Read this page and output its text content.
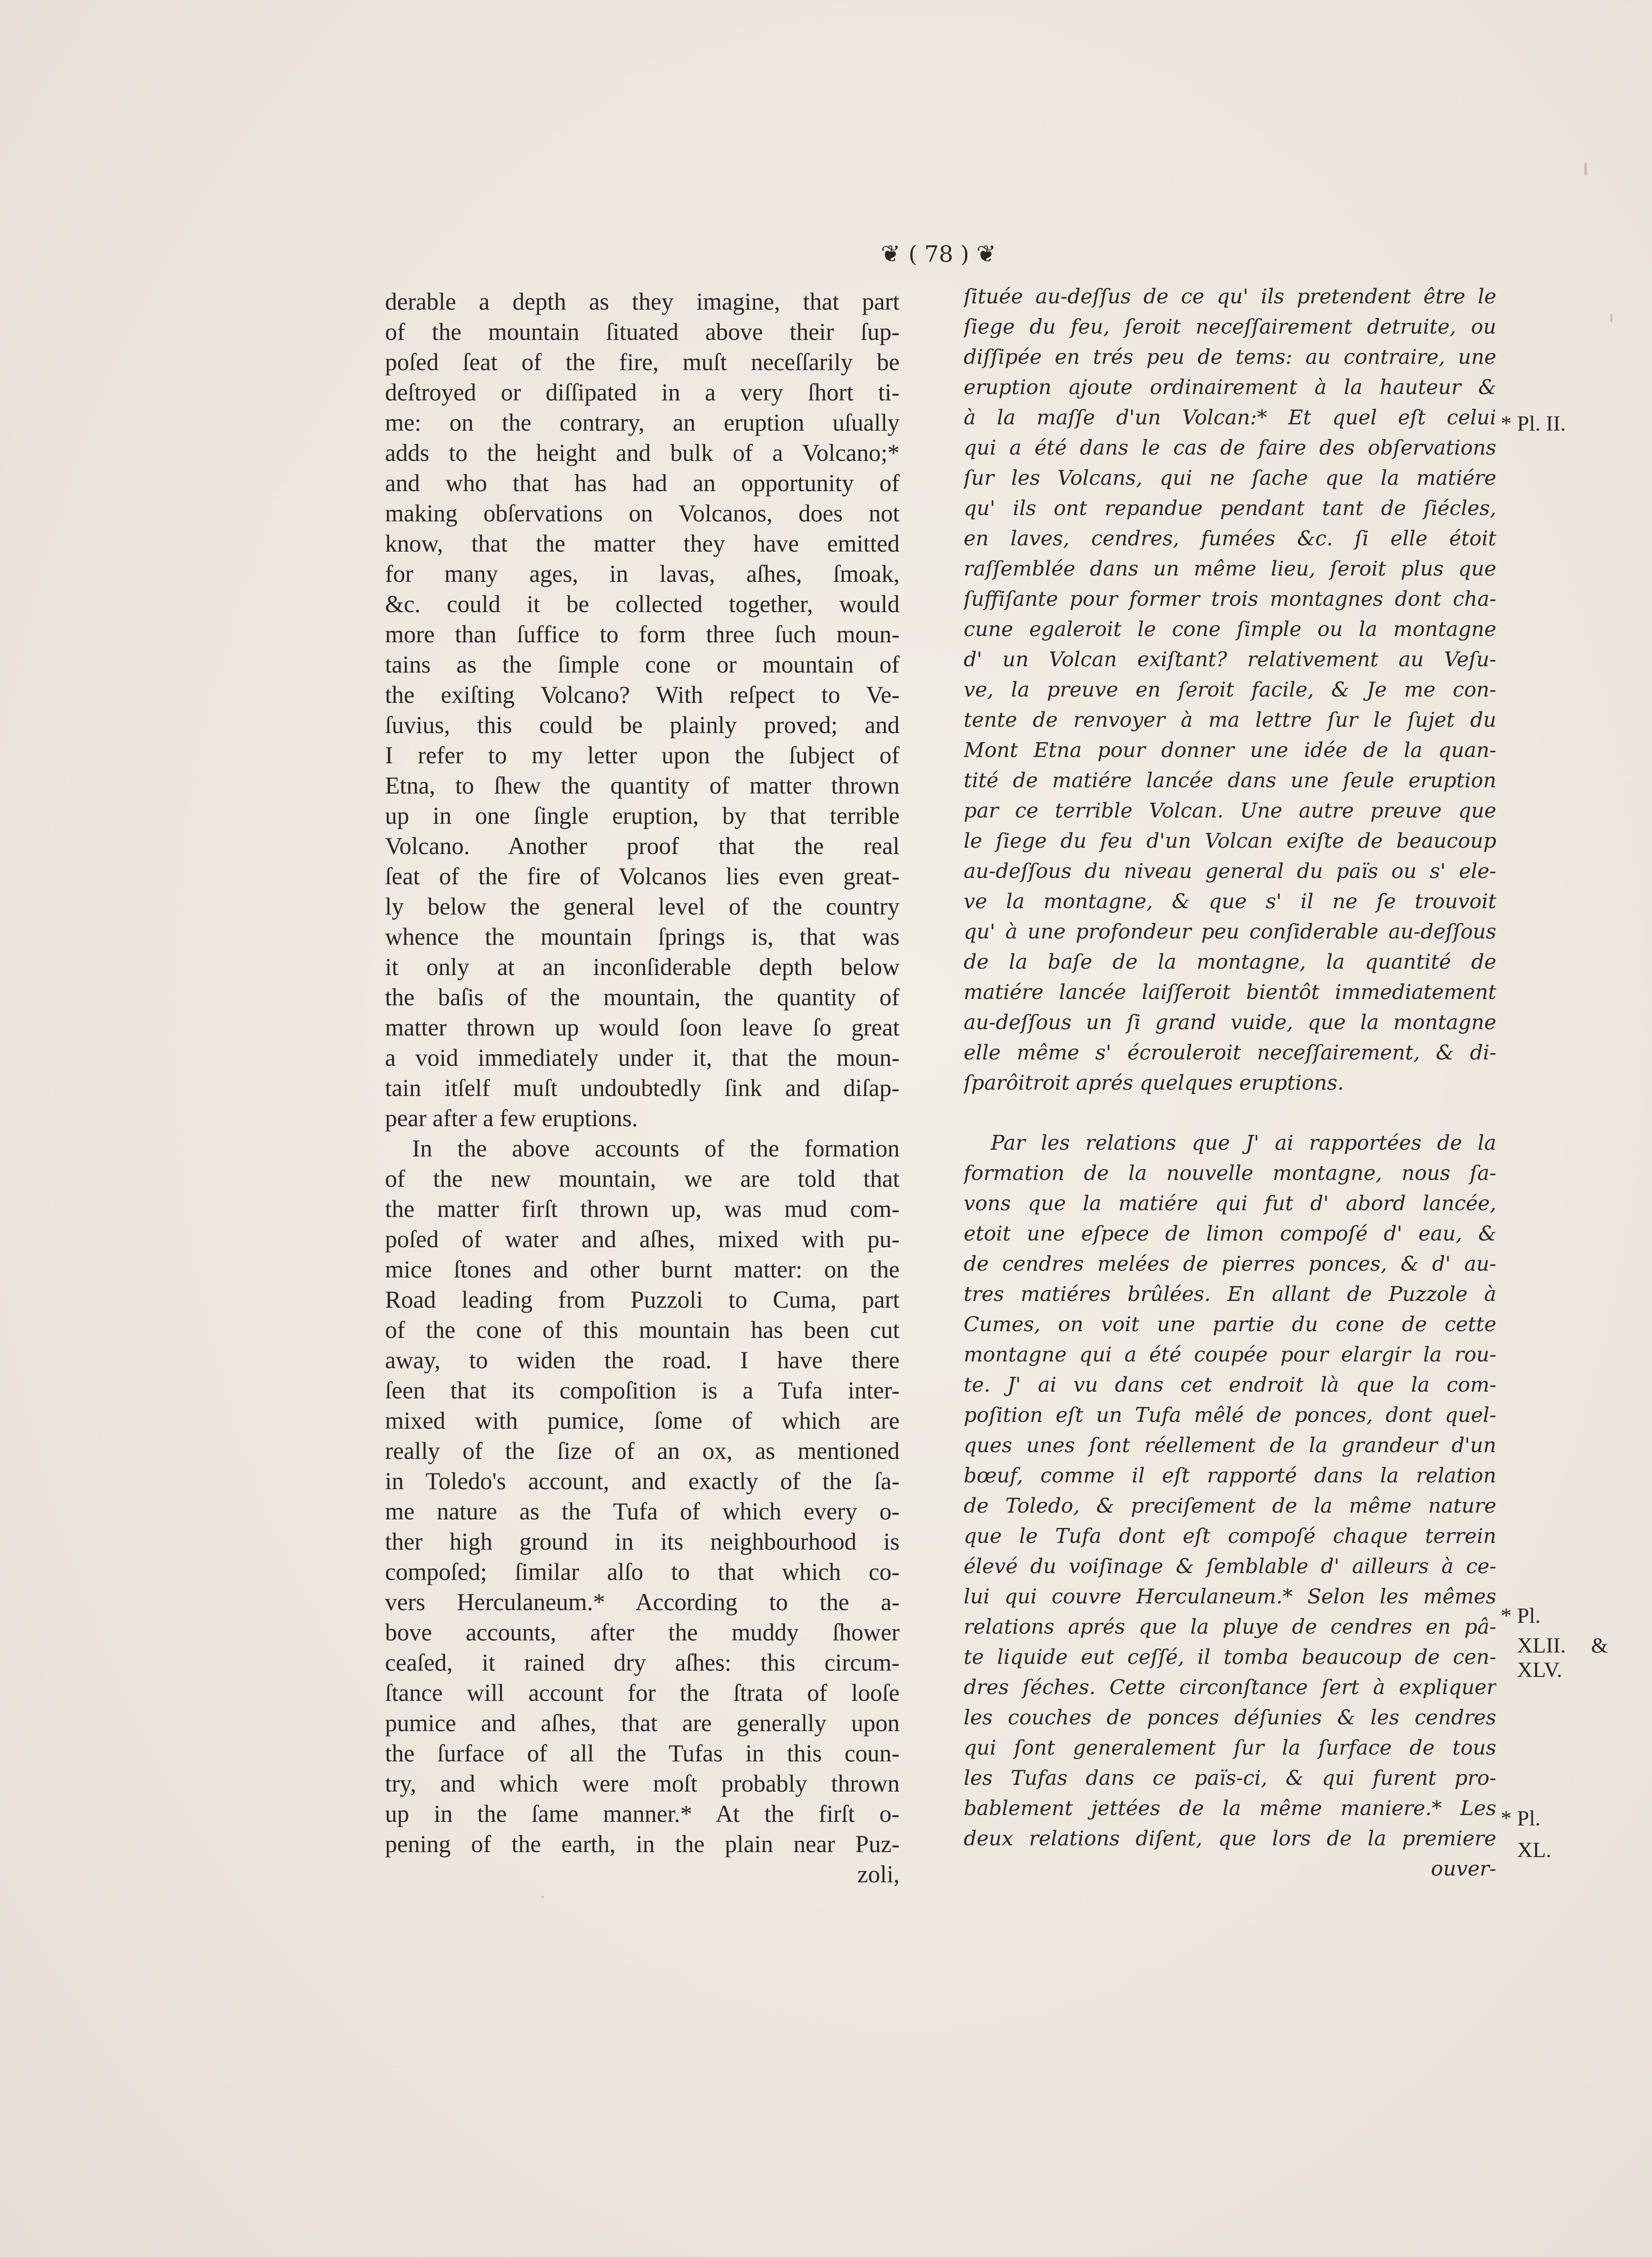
❦ ( 78 ) ❦
derable a depth as they imagine, that part
of the mountain ſituated above their ſup-
poſed ſeat of the fire, muſt neceſſarily be
deſtroyed or diſſipated in a very ſhort ti-
me: on the contrary, an eruption uſually
adds to the height and bulk of a Volcano;*
and who that has had an opportunity of
making obſervations on Volcanos, does not
know, that the matter they have emitted
for many ages, in lavas, aſhes, ſmoak,
&c. could it be collected together, would
more than ſuffice to form three ſuch moun-
tains as the ſimple cone or mountain of
the exiſting Volcano? With reſpect to Ve-
ſuvius, this could be plainly proved; and
I refer to my letter upon the ſubject of
Etna, to ſhew the quantity of matter thrown
up in one ſingle eruption, by that terrible
Volcano. Another proof that the real
ſeat of the fire of Volcanos lies even great-
ly below the general level of the country
whence the mountain ſprings is, that was
it only at an inconſiderable depth below
the baſis of the mountain, the quantity of
matter thrown up would ſoon leave ſo great
a void immediately under it, that the moun-
tain itſelf muſt undoubtedly ſink and diſap-
pear after a few eruptions.
In the above accounts of the formation
of the new mountain, we are told that
the matter firſt thrown up, was mud com-
poſed of water and aſhes, mixed with pu-
mice ſtones and other burnt matter: on the
Road leading from Puzzoli to Cuma, part
of the cone of this mountain has been cut
away, to widen the road. I have there
ſeen that its compoſition is a Tufa inter-
mixed with pumice, ſome of which are
really of the ſize of an ox, as mentioned
in Toledo's account, and exactly of the ſa-
me nature as the Tufa of which every o-
ther high ground in its neighbourhood is
compoſed; ſimilar alſo to that which co-
vers Herculaneum.* According to the a-
bove accounts, after the muddy ſhower
ceaſed, it rained dry aſhes: this circum-
ſtance will account for the ſtrata of looſe
pumice and aſhes, that are generally upon
the ſurface of all the Tufas in this coun-
try, and which were moſt probably thrown
up in the ſame manner.* At the firſt o-
pening of the earth, in the plain near Puz-
zoli,
ſituée au-deſſus de ce qu' ils pretendent être le
ſiege du feu, ſeroit neceſſairement detruite, ou
diſſipée en trés peu de tems: au contraire, une
eruption ajoute ordinairement à la hauteur &
à la maſſe d'un Volcan:* Et quel eſt celui
qui a été dans le cas de faire des obſervations
ſur les Volcans, qui ne ſache que la matiére
qu' ils ont repandue pendant tant de ſiécles,
en laves, cendres, fumées &c. ſi elle étoit
raſſemblée dans un même lieu, ſeroit plus que
ſuffiſante pour former trois montagnes dont cha-
cune egaleroit le cone ſimple ou la montagne
d' un Volcan exiſtant? relativement au Veſu-
ve, la preuve en ſeroit facile, & Je me con-
tente de renvoyer à ma lettre ſur le ſujet du
Mont Etna pour donner une idée de la quan-
tité de matiére lancée dans une ſeule eruption
par ce terrible Volcan. Une autre preuve que
le ſiege du feu d'un Volcan exiſte de beaucoup
au-deſſous du niveau general du païs ou s' ele-
ve la montagne, & que s' il ne ſe trouvoit
qu' à une profondeur peu conſiderable au-deſſous
de la baſe de la montagne, la quantité de
matiére lancée laiſſeroit bientôt immediatement
au-deſſous un ſi grand vuide, que la montagne
elle même s' écrouleroit neceſſairement, & di-
ſparôitroit aprés quelques eruptions.
Par les relations que J' ai rapportées de la
formation de la nouvelle montagne, nous ſa-
vons que la matiére qui fut d' abord lancée,
etoit une eſpece de limon compoſé d' eau, &
de cendres melées de pierres ponces, & d' au-
tres matiéres brûlées. En allant de Puzzole à
Cumes, on voit une partie du cone de cette
montagne qui a été coupée pour elargir la rou-
te. J' ai vu dans cet endroit là que la com-
poſition eſt un Tufa mêlé de ponces, dont quel-
ques unes ſont réellement de la grandeur d'un
bœuf, comme il eſt rapporté dans la relation
de Toledo, & preciſement de la même nature
que le Tufa dont eſt compoſé chaque terrein
élevé du voiſinage & ſemblable d' ailleurs à ce-
lui qui couvre Herculaneum.* Selon les mêmes
relations aprés que la pluye de cendres en pâ-
te liquide eut ceſſé, il tomba beaucoup de cen-
dres ſéches. Cette circonſtance ſert à expliquer
les couches de ponces déſunies & les cendres
qui ſont generalement ſur la ſurface de tous
les Tufas dans ce païs-ci, & qui furent pro-
bablement jettées de la même maniere.* Les
deux relations diſent, que lors de la premiere
ouver-
* Pl. II.
* Pl.
XLII. &
XLV.
* Pl.
XL.
